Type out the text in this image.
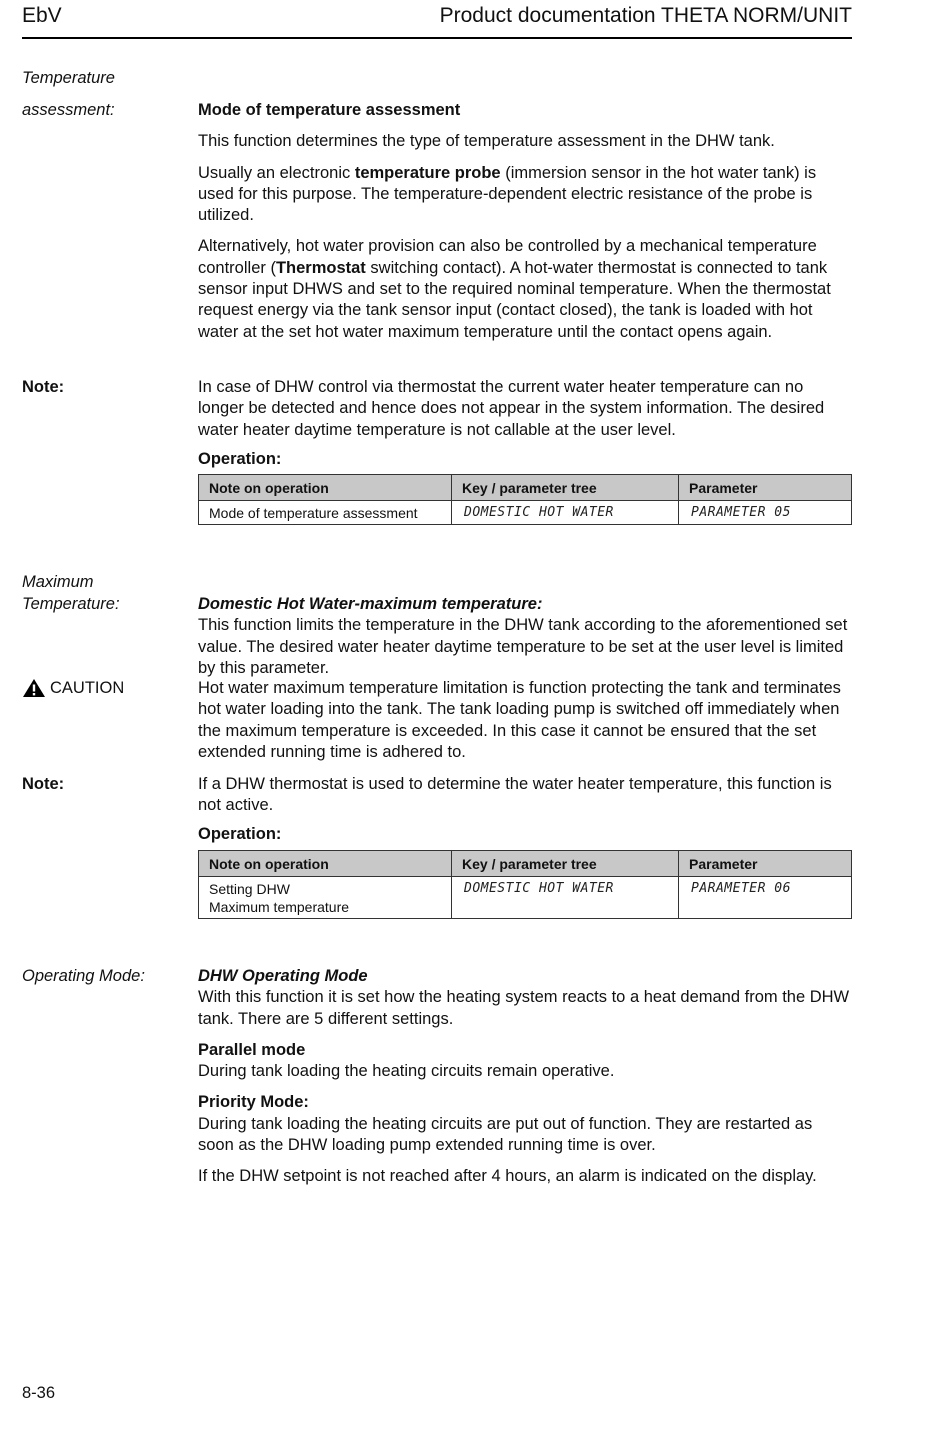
EbV	Product documentation THETA NORM/UNIT
Temperature
assessment:	Mode of temperature assessment

This function determines the type of temperature assessment in the DHW tank.

Usually an electronic temperature probe (immersion sensor in the hot water tank) is used for this purpose. The temperature-dependent electric resistance of the probe is utilized.

Alternatively, hot water provision can also be controlled by a mechanical temperature controller (Thermostat switching contact). A hot-water thermostat is connected to tank sensor input DHWS and set to the required nominal temperature. When the thermostat request energy via the tank sensor input (contact closed), the tank is loaded with hot water at the set hot water maximum temperature until the contact opens again.

Note:	In case of DHW control via thermostat the current water heater temperature can no longer be detected and hence does not appear in the system information. The desired water heater daytime temperature is not callable at the user level.

Operation:
Note on operation	Key / parameter tree	Parameter
Mode of temperature assessment	DOMESTIC HOT WATER	PARAMETER 05
Maximum
Temperature:	Domestic Hot Water-maximum temperature:

This function limits the temperature in the DHW tank according to the aforementioned set value. The desired water heater daytime temperature to be set at the user level is limited by this parameter.

CAUTION	Hot water maximum temperature limitation is function protecting the tank and terminates hot water loading into the tank. The tank loading pump is switched off immediately when the maximum temperature is exceeded. In this case it cannot be ensured that the set extended running time is adhered to.

Note:	If a DHW thermostat is used to determine the water heater temperature, this function is not active.

Operation:
Note on operation	Key / parameter tree	Parameter

Setting DHW
Maximum temperature	DOMESTIC HOT WATER	PARAMETER 06
Operating Mode:	DHW Operating Mode

With this function it is set how the heating system reacts to a heat demand from the DHW tank. There are 5 different settings.

Parallel mode

During tank loading the heating circuits remain operative.

Priority Mode:

During tank loading the heating circuits are put out of function. They are restarted as soon as the DHW loading pump extended running time is over.

If the DHW setpoint is not reached after 4 hours, an alarm is indicated on the display.

8-36
